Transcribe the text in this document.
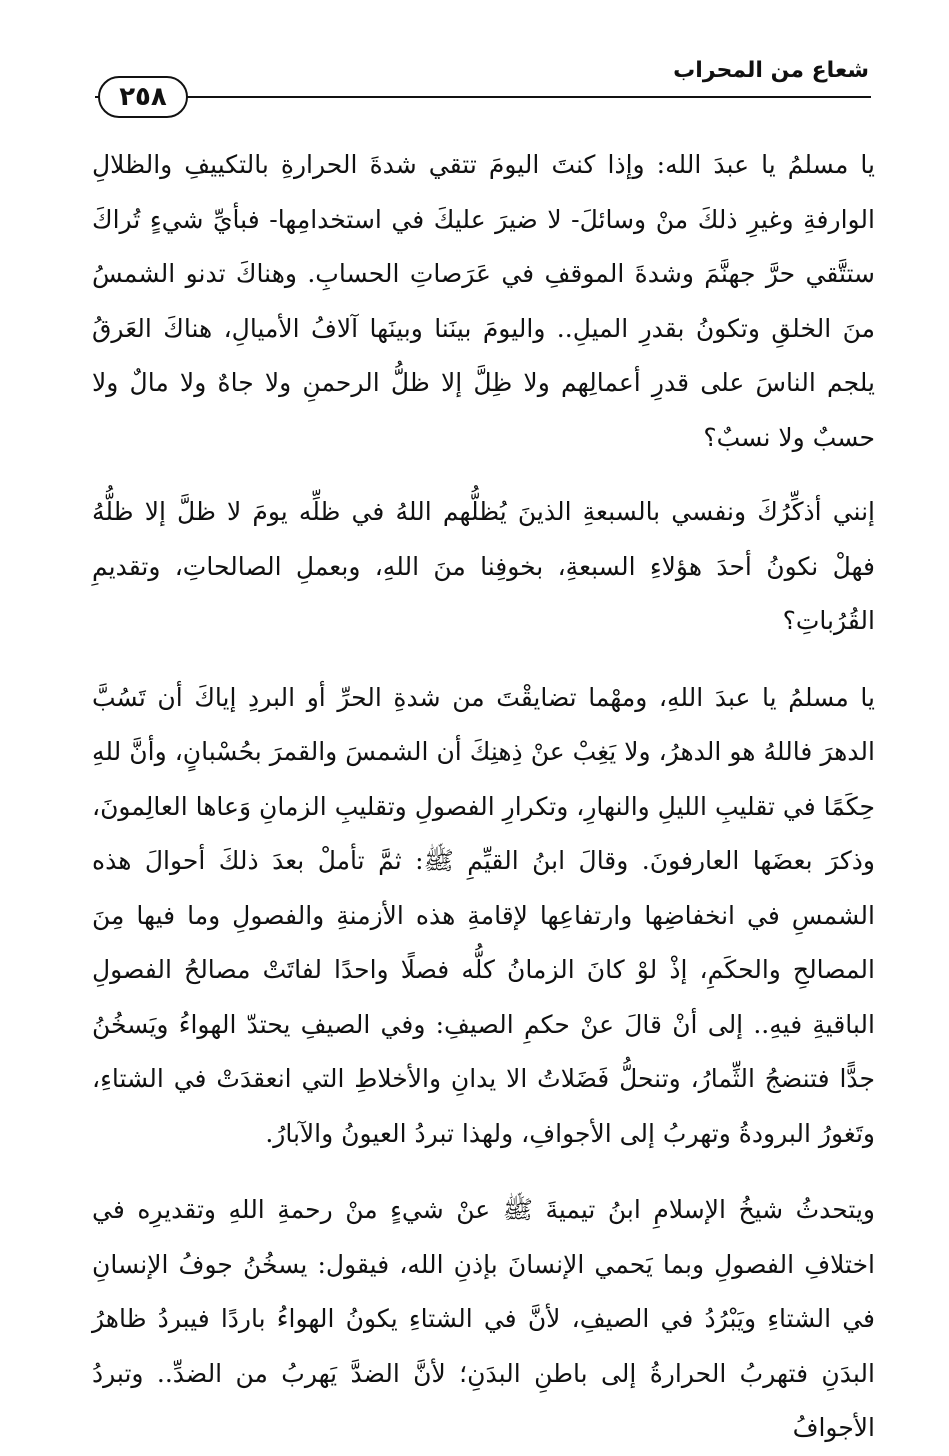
شعاع من المحراب
٢٥٨

يا مسلمُ يا عبدَ الله: وإذا كنتَ اليومَ تتقي شدةَ الحرارةِ بالتكييفِ والظلالِ الوارفةِ وغيرِ ذلكَ منْ وسائلَ- لا ضيرَ عليكَ في استخدامِها- فبأيِّ شيءٍ تُراكَ ستتَّقي حرَّ جهنَّمَ وشدةَ الموقفِ في عَرَصاتِ الحسابِ. وهناكَ تدنو الشمسُ منَ الخلقِ وتكونُ بقدرِ الميلِ.. واليومَ بينَنا وبينَها آلافُ الأميالِ، هناكَ العَرقُ يلجم الناسَ على قدرِ أعمالِهم ولا ظِلَّ إلا ظلُّ الرحمنِ ولا جاهٌ ولا مالٌ ولا حسبٌ ولا نسبٌ؟

إنني أذكِّرُكَ ونفسي بالسبعةِ الذينَ يُظلُّهم اللهُ في ظلِّه يومَ لا ظلَّ إلا ظلُّهُ فهلْ نكونُ أحدَ هؤلاءِ السبعةِ، بخوفِنا منَ اللهِ، وبعملِ الصالحاتِ، وتقديمِ القُرُباتِ؟

يا مسلمُ يا عبدَ اللهِ، ومهْما تضايقْتَ من شدةِ الحرِّ أو البردِ إياكَ أن تَسُبَّ الدهرَ فاللهُ هو الدهرُ، ولا يَغِبْ عنْ ذِهنِكَ أن الشمسَ والقمرَ بحُسْبانٍ، وأنَّ للهِ حِكَمًا في تقليبِ الليلِ والنهارِ، وتكرارِ الفصولِ وتقليبِ الزمانِ وَعاها العالِمونَ، وذكرَ بعضَها العارفونَ. وقالَ ابنُ القيِّمِ ﷺ: ثمَّ تأملْ بعدَ ذلكَ أحوالَ هذه الشمسِ في انخفاضِها وارتفاعِها لإقامةِ هذه الأزمنةِ والفصولِ وما فيها مِنَ المصالحِ والحكَمِ، إذْ لوْ كانَ الزمانُ كلُّه فصلًا واحدًا لفاتَتْ مصالحُ الفصولِ الباقيةِ فيهِ.. إلى أنْ قالَ عنْ حكمِ الصيفِ: وفي الصيفِ يحتدّ الهواءُ ويَسخُنُ جدًّا فتنضجُ الثِّمارُ، وتنحلُّ فَضَلاتُ الا يدانِ والأخلاطِ التي انعقدَتْ في الشتاءِ، وتَغورُ البرودةُ وتهربُ إلى الأجوافِ، ولهذا تبردُ العيونُ والآبارُ.

ويتحدثُ شيخُ الإسلامِ ابنُ تيميةَ ﷺ عنْ شيءٍ منْ رحمةِ اللهِ وتقديرِه في اختلافِ الفصولِ وبما يَحمي الإنسانَ بإذنِ الله، فيقول: يسخُنُ جوفُ الإنسانِ في الشتاءِ ويَبْرُدُ في الصيفِ، لأنَّ في الشتاءِ يكونُ الهواءُ باردًا فيبردُ ظاهرُ البدَنِ فتهربُ الحرارةُ إلى باطنِ البدَنِ؛ لأنَّ الضدَّ يَهربُ من الضدِّ.. وتبردُ الأجوافُ
